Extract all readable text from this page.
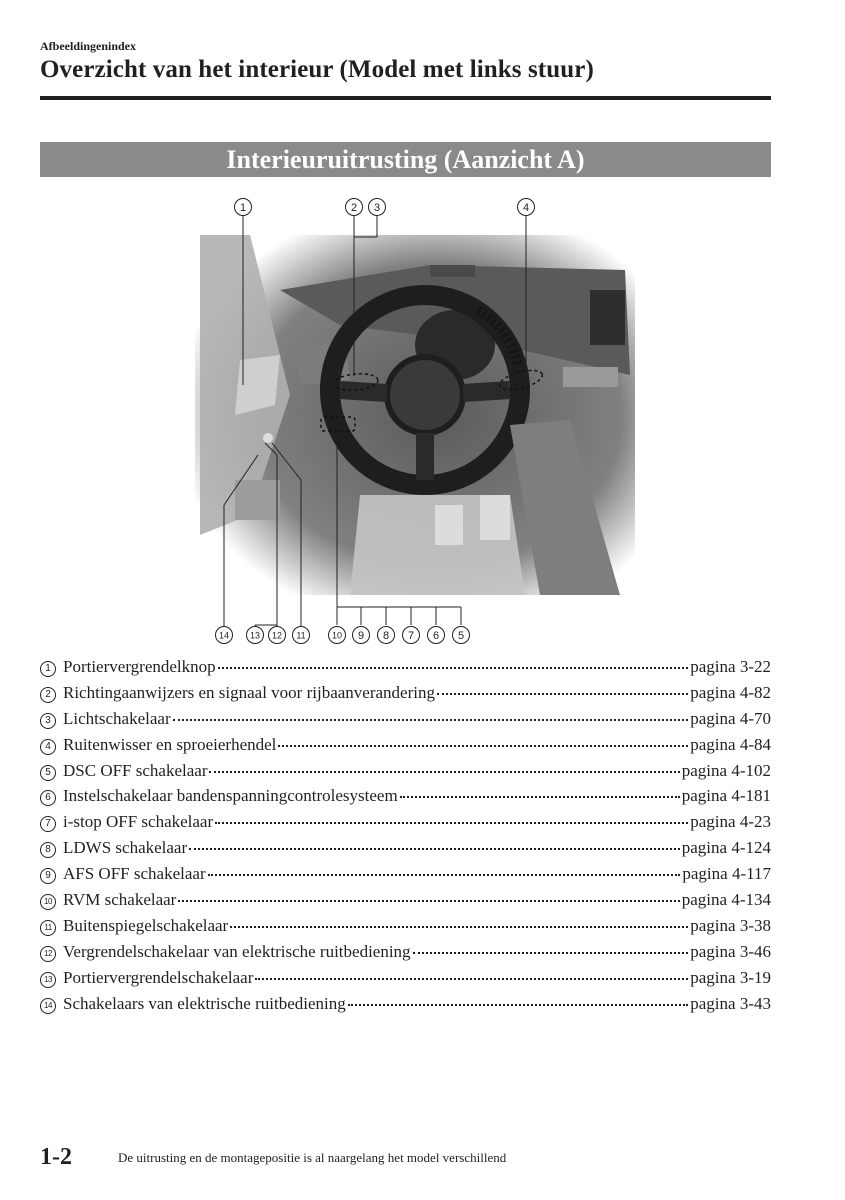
Afbeeldingenindex
Overzicht van het interieur (Model met links stuur)
Interieuruitrusting (Aanzicht A)
1	2 3	4
14 13 12 11	10 9 8 7 6 5
1 Portiervergrendelknop	pagina 3-22
2 Richtingaanwijzers en signaal voor rijbaanverandering	pagina 4-82
3 Lichtschakelaar	pagina 4-70
4 Ruitenwisser en sproeierhendel	pagina 4-84
5 DSC OFF schakelaar	pagina 4-102
6 Instelschakelaar bandenspanningcontrolesysteem	pagina 4-181
7 i-stop OFF schakelaar	pagina 4-23
8 LDWS schakelaar	pagina 4-124
9 AFS OFF schakelaar	pagina 4-117
10 RVM schakelaar	pagina 4-134
11 Buitenspiegelschakelaar	pagina 3-38
12 Vergrendelschakelaar van elektrische ruitbediening	pagina 3-46
13 Portiervergrendelschakelaar	pagina 3-19
14 Schakelaars van elektrische ruitbediening	pagina 3-43
1-2	De uitrusting en de montagepositie is al naargelang het model verschillend
